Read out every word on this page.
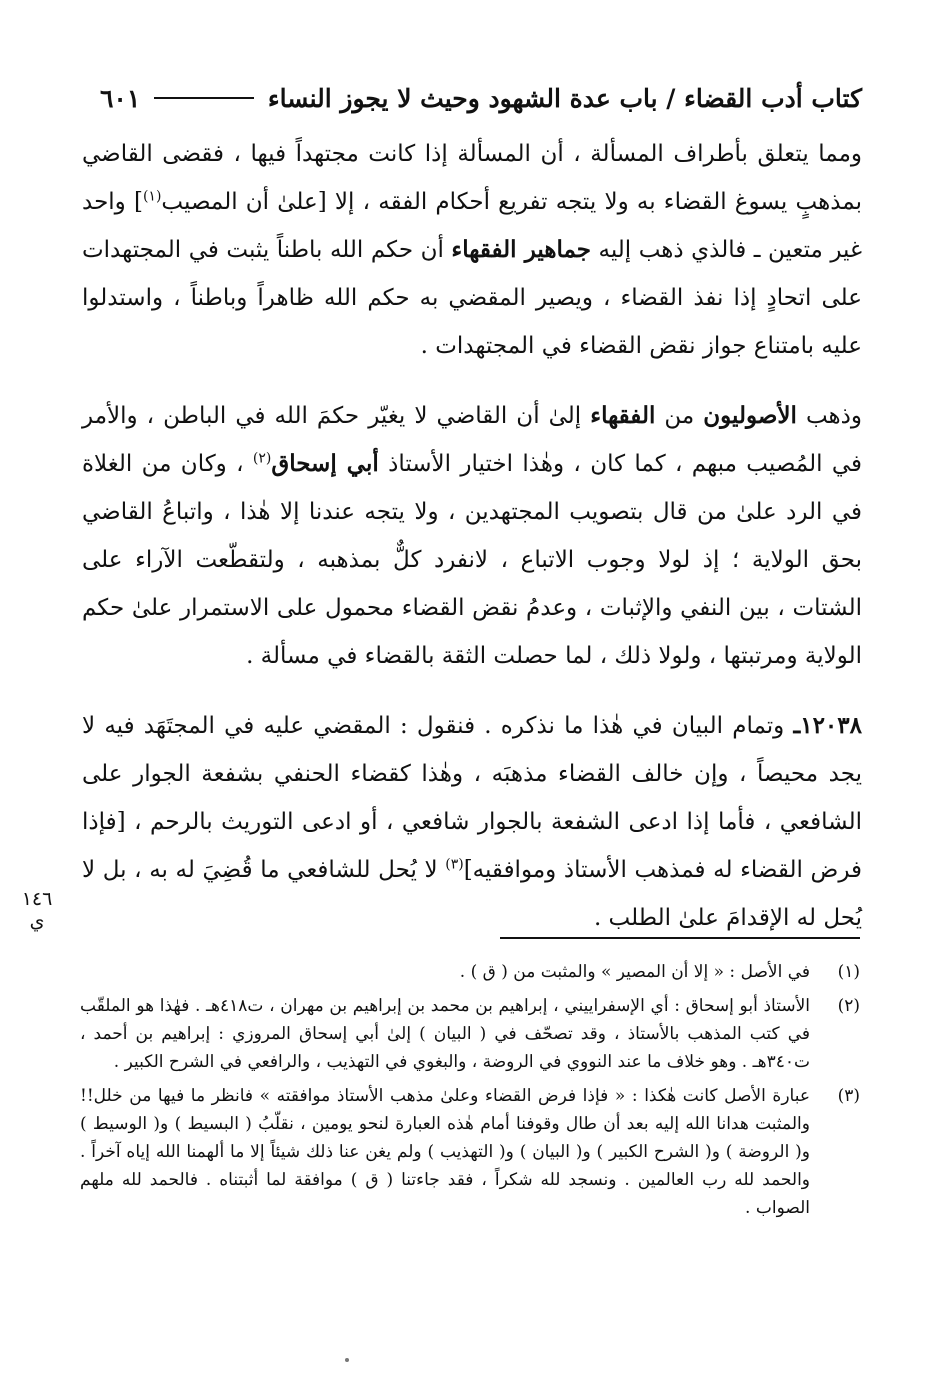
كتاب أدب القضاء / باب عدة الشهود وحيث لا يجوز النساء
٦٠١

ومما يتعلق بأطراف المسألة ، أن المسألة إذا كانت مجتهداً فيها ، فقضى القاضي بمذهبٍ يسوغ القضاء به ولا يتجه تفريع أحكام الفقه ، إلا [علىٰ أن المصيب$^{(١)}$] واحد غير متعين ـ فالذي ذهب إليه جماهير الفقهاء أن حكم الله باطناً يثبت في المجتهدات على اتحادٍ إذا نفذ القضاء ، ويصير المقضي به حكم الله ظاهراً وباطناً ، واستدلوا عليه بامتناع جواز نقض القضاء في المجتهدات .

وذهب الأصوليون من الفقهاء إلىٰ أن القاضي لا يغيّر حكمَ الله في الباطن ، والأمر في المُصيب مبهم ، كما كان ، وهٰذا اختيار الأستاذ أبي إسحاق$^{(٢)}$ ، وكان من الغلاة في الرد علىٰ من قال بتصويب المجتهدين ، ولا يتجه عندنا إلا هٰذا ، واتباعُ القاضي بحق الولاية ؛ إذ لولا وجوب الاتباع ، لانفرد كلٌّ بمذهبه ، ولتقطّعت الآراء على الشتات ، بين النفي والإثبات ، وعدمُ نقض القضاء محمول على الاستمرار علىٰ حكم الولاية ومرتبتها ، ولولا ذلك ، لما حصلت الثقة بالقضاء في مسألة .

١٢٠٣٨ـ وتمام البيان في هٰذا ما نذكره . فنقول : المقضي عليه في المجتَهَد فيه لا يجد محيصاً ، وإن خالف القضاء مذهبَه ، وهٰذا كقضاء الحنفي بشفعة الجوار على الشافعي ، فأما إذا ادعى الشفعة بالجوار شافعي ، أو ادعى التوريث بالرحم ، [فإذا فرض القضاء له فمذهب الأستاذ وموافقيه]$^{(٣)}$ لا يُحل للشافعي ما قُضِيَ له به ، بل لا يُحل له الإقدامَ علىٰ الطلب .

١٤٦ ي
(١)
في الأصل : « إلا أن المصير » والمثبت من ( ق ) .
(٢)
الأستاذ أبو إسحاق : أي الإسفراييني ، إبراهيم بن محمد بن إبراهيم بن مهران ، ت٤١٨هـ . فهٰذا هو الملقّب في كتب المذهب بالأستاذ ، وقد تصحّف في ( البيان ) إلىٰ أبي إسحاق المروزي : إبراهيم بن أحمد ، ت٣٤٠هـ . وهو خلاف ما عند النووي في الروضة ، والبغوي في التهذيب ، والرافعي في الشرح الكبير .
(٣)
عبارة الأصل كانت هٰكذا : « فإذا فرض القضاء وعلىٰ مذهب الأستاذ موافقته » فانظر ما فيها من خلل!! والمثبت هدانا الله إليه بعد أن طال وقوفنا أمام هٰذه العبارة لنحو يومين ، نقلّبُ ( البسيط ) و( الوسيط ) و( الروضة ) و( الشرح الكبير ) و( البيان ) و( التهذيب ) ولم يغن عنا ذلك شيئاً إلا ما ألهمنا الله إياه آخراً . والحمد لله رب العالمين . ونسجد لله شكراً ، فقد جاءتنا ( ق ) موافقة لما أثبتناه . فالحمد لله ملهم الصواب .
